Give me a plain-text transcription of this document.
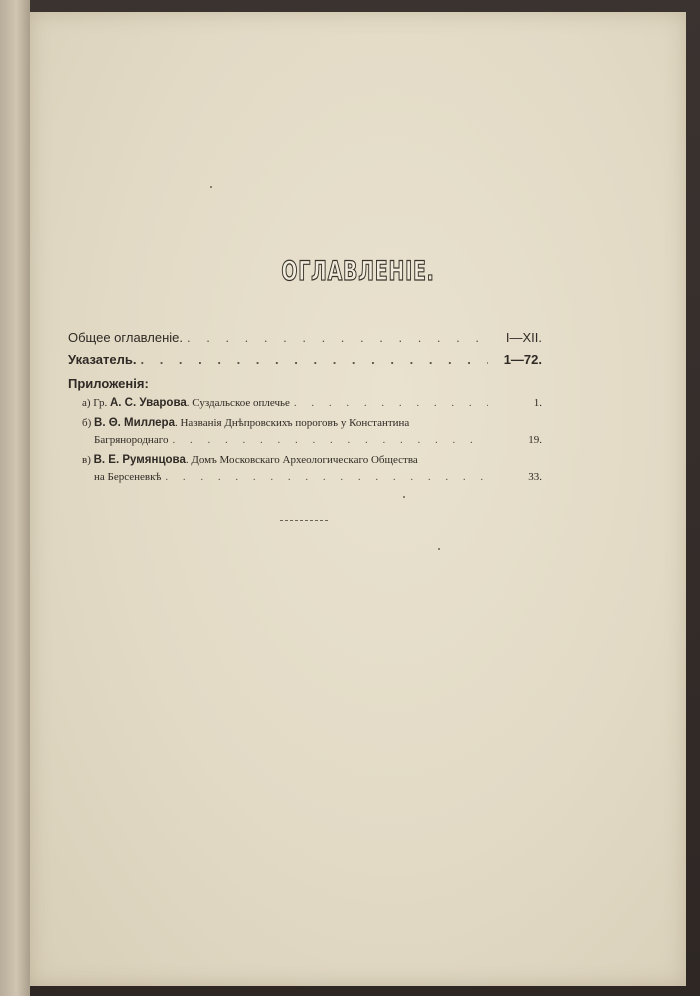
ОГЛАВЛЕНІЕ.
Общее оглавленіе. . . .	I—XII.
Указатель. . . .	1—72.
Приложенія:
а) Гр. А. С. Уварова. Суздальское оплечье . . .	1.
б) В. Θ. Миллера. Названія Днѣпровскихъ пороговъ у Константина
Багрянороднаго . . .	19.
в) В. Е. Румянцова. Домъ Московскаго Археологическаго Общества
на Берсеневкѣ . . .	33.
